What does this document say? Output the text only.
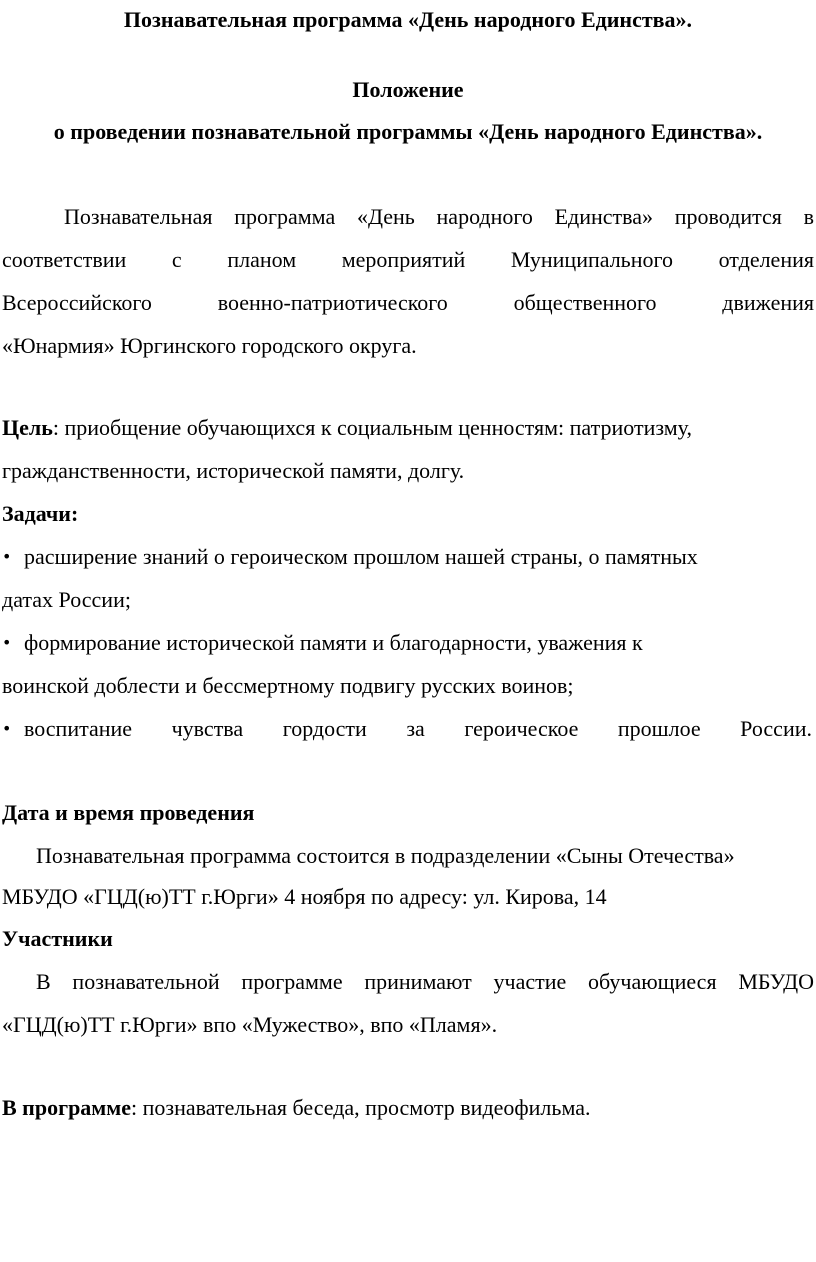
Познавательная программа «День народного Единства».
Положение
о проведении познавательной программы «День народного Единства».
Познавательная программа «День народного Единства» проводится в
соответствии с планом мероприятий Муниципального отделения
Всероссийского военно-патриотического общественного движения
«Юнармия» Юргинского городского округа.
Цель: приобщение обучающихся к социальным ценностям: патриотизму,
гражданственности, исторической памяти, долгу.
Задачи:
• расширение знаний о героическом прошлом нашей страны, о памятных
датах России;
• формирование исторической памяти и благодарности, уважения к
воинской доблести и бессмертному подвигу русских воинов;
• воспитание чувства гордости за героическое прошлое России.
Дата и время проведения
Познавательная программа состоится в подразделении «Сыны Отечества»
МБУДО «ГЦД(ю)ТТ г.Юрги» 4 ноября по адресу: ул. Кирова, 14
Участники
В познавательной программе принимают участие обучающиеся МБУДО
«ГЦД(ю)ТТ г.Юрги» впо «Мужество», впо «Пламя».
В программе: познавательная беседа, просмотр видеофильма.
